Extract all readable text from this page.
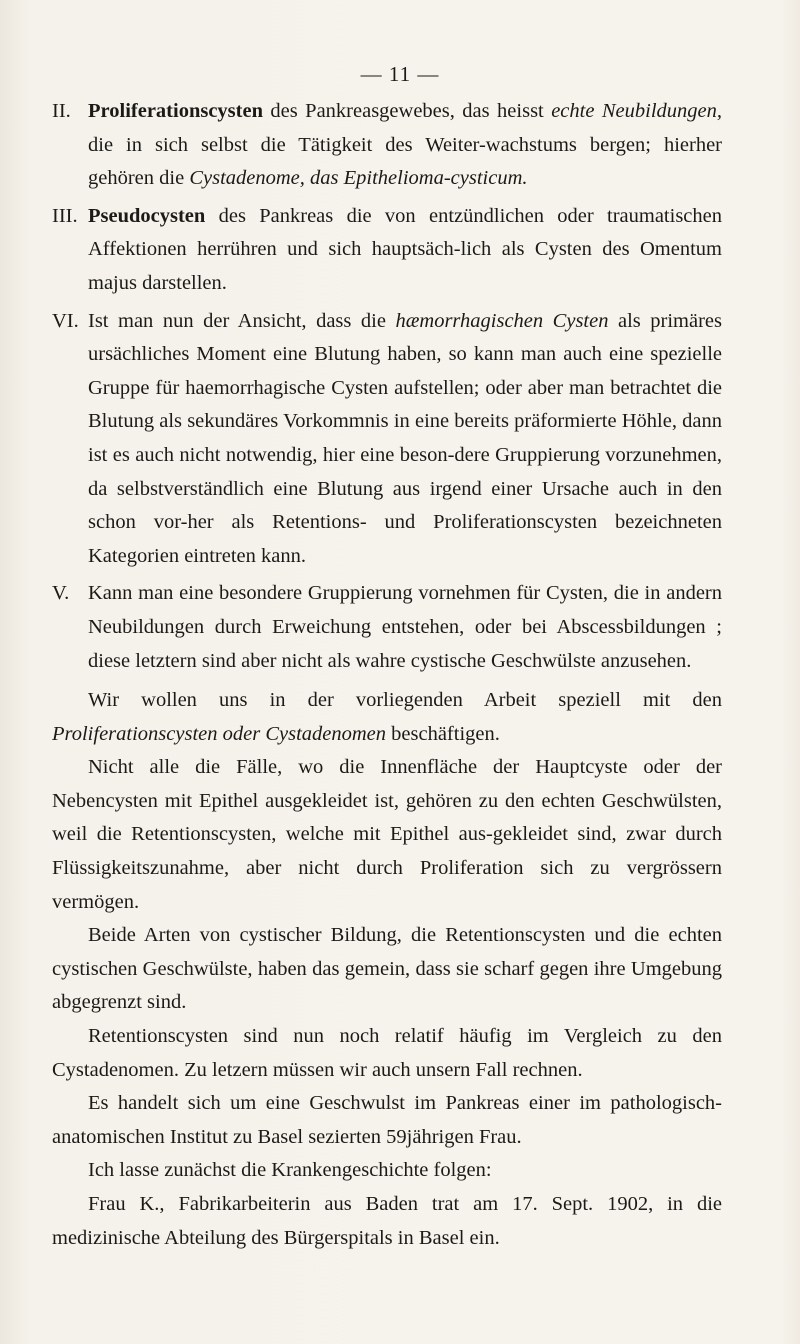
— 11 —
II. Proliferationscysten des Pankreasgewebes, das heisst echte Neubildungen, die in sich selbst die Tätigkeit des Weiter-wachstums bergen; hierher gehören die Cystadenome, das Epithelioma-cysticum.
III. Pseudocysten des Pankreas die von entzündlichen oder traumatischen Affektionen herrühren und sich hauptsäch-lich als Cysten des Omentum majus darstellen.
VI. Ist man nun der Ansicht, dass die hæmorrhagischen Cysten als primäres ursächliches Moment eine Blutung haben, so kann man auch eine spezielle Gruppe für haemorrhagische Cysten aufstellen; oder aber man betrachtet die Blutung als sekundäres Vorkommnis in eine bereits präformierte Höhle, dann ist es auch nicht notwendig, hier eine beson-dere Gruppierung vorzunehmen, da selbstverständlich eine Blutung aus irgend einer Ursache auch in den schon vor-her als Retentions- und Proliferationscysten bezeichneten Kategorien eintreten kann.
V. Kann man eine besondere Gruppierung vornehmen für Cysten, die in andern Neubildungen durch Erweichung entstehen, oder bei Abscessbildungen ; diese letztern sind aber nicht als wahre cystische Geschwülste anzusehen.

Wir wollen uns in der vorliegenden Arbeit speziell mit den Proliferationscysten oder Cystadenomen beschäftigen.

Nicht alle die Fälle, wo die Innenfläche der Hauptcyste oder der Nebencysten mit Epithel ausgekleidet ist, gehören zu den echten Geschwülsten, weil die Retentionscysten, welche mit Epithel aus-gekleidet sind, zwar durch Flüssigkeitszunahme, aber nicht durch Proliferation sich zu vergrössern vermögen.

Beide Arten von cystischer Bildung, die Retentionscysten und die echten cystischen Geschwülste, haben das gemein, dass sie scharf gegen ihre Umgebung abgegrenzt sind.

Retentionscysten sind nun noch relatif häufig im Vergleich zu den Cystadenomen. Zu letzern müssen wir auch unsern Fall rechnen.

Es handelt sich um eine Geschwulst im Pankreas einer im pathologisch-anatomischen Institut zu Basel sezierten 59jährigen Frau.

Ich lasse zunächst die Krankengeschichte folgen:

Frau K., Fabrikarbeiterin aus Baden trat am 17. Sept. 1902, in die medizinische Abteilung des Bürgerspitals in Basel ein.
